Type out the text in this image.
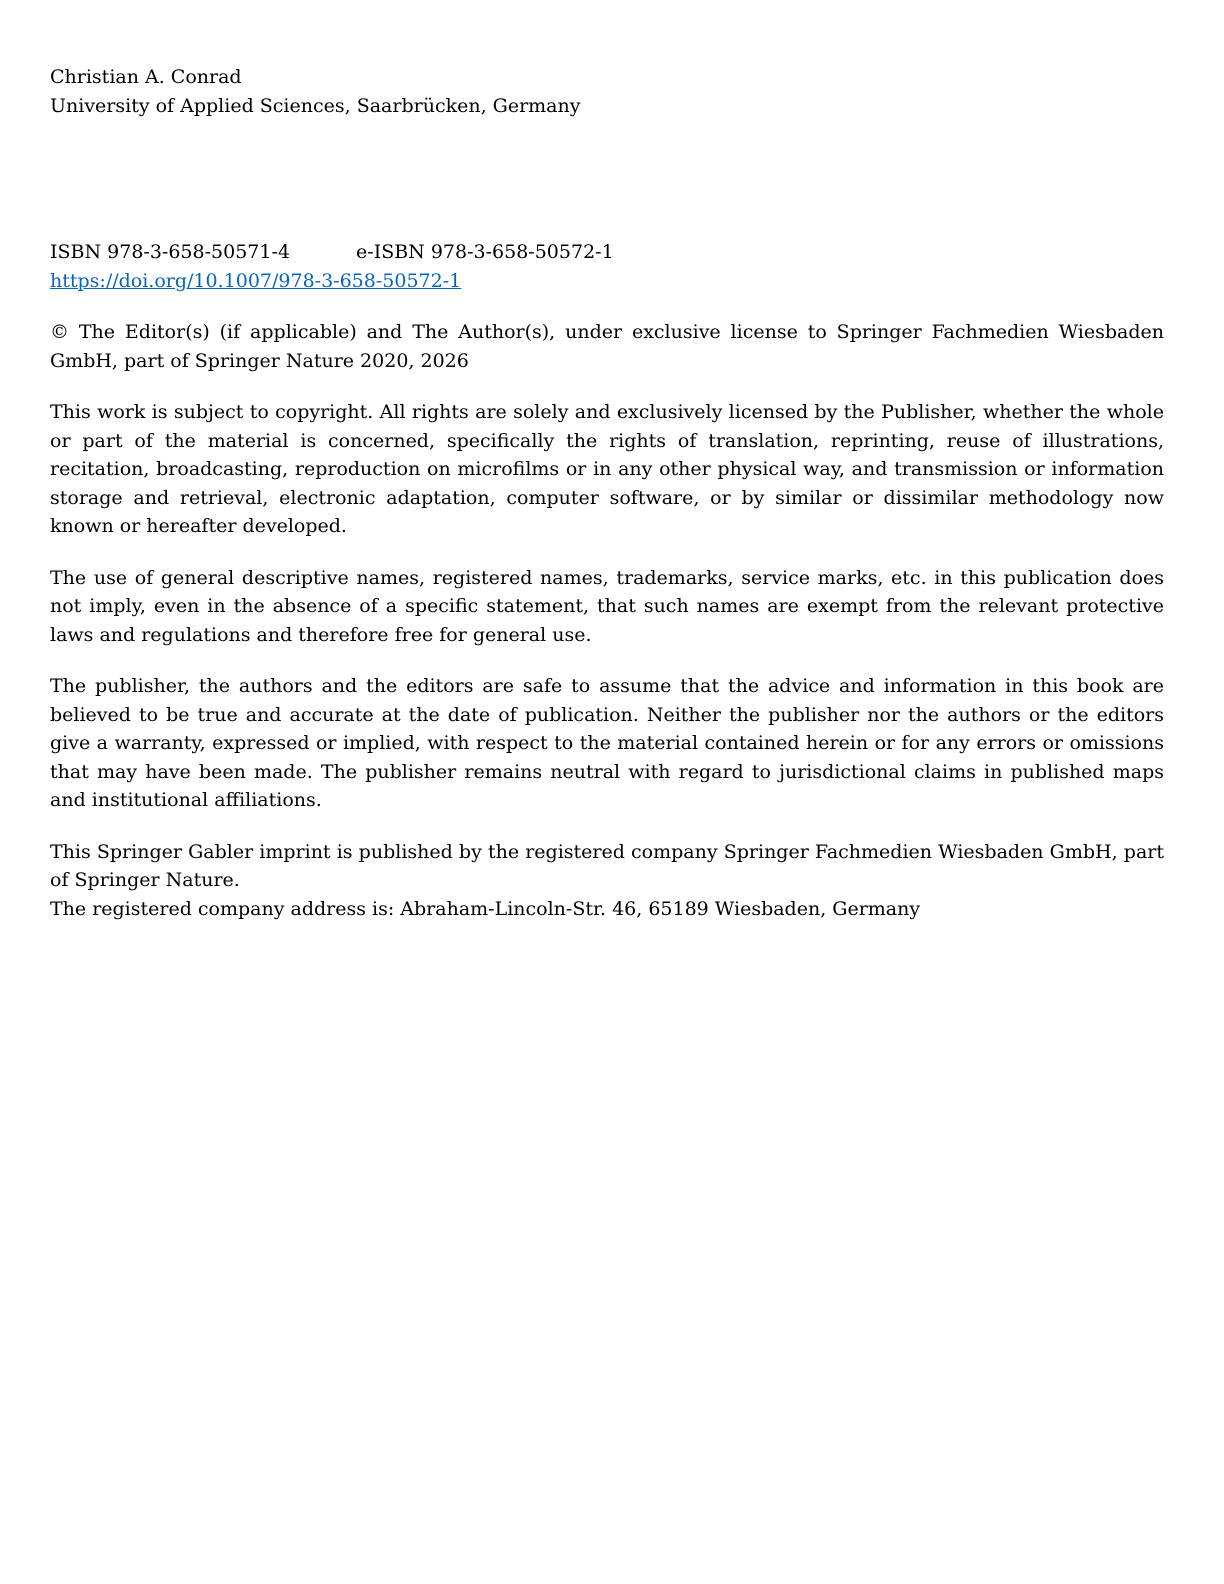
Christian A. Conrad
University of Applied Sciences, Saarbrücken, Germany
ISBN 978-3-658-50571-4	e-ISBN 978-3-658-50572-1
https://doi.org/10.1007/978-3-658-50572-1

© The Editor(s) (if applicable) and The Author(s), under exclusive license to Springer Fachmedien Wiesbaden GmbH, part of Springer Nature 2020, 2026

This work is subject to copyright. All rights are solely and exclusively licensed by the Publisher, whether the whole or part of the material is concerned, specifically the rights of translation, reprinting, reuse of illustrations, recitation, broadcasting, reproduction on microfilms or in any other physical way, and transmission or information storage and retrieval, electronic adaptation, computer software, or by similar or dissimilar methodology now known or hereafter developed.

The use of general descriptive names, registered names, trademarks, service marks, etc. in this publication does not imply, even in the absence of a specific statement, that such names are exempt from the relevant protective laws and regulations and therefore free for general use.

The publisher, the authors and the editors are safe to assume that the advice and information in this book are believed to be true and accurate at the date of publication. Neither the publisher nor the authors or the editors give a warranty, expressed or implied, with respect to the material contained herein or for any errors or omissions that may have been made. The publisher remains neutral with regard to jurisdictional claims in published maps and institutional affiliations.

This Springer Gabler imprint is published by the registered company Springer Fachmedien Wiesbaden GmbH, part of Springer Nature.
The registered company address is: Abraham-Lincoln-Str. 46, 65189 Wiesbaden, Germany
